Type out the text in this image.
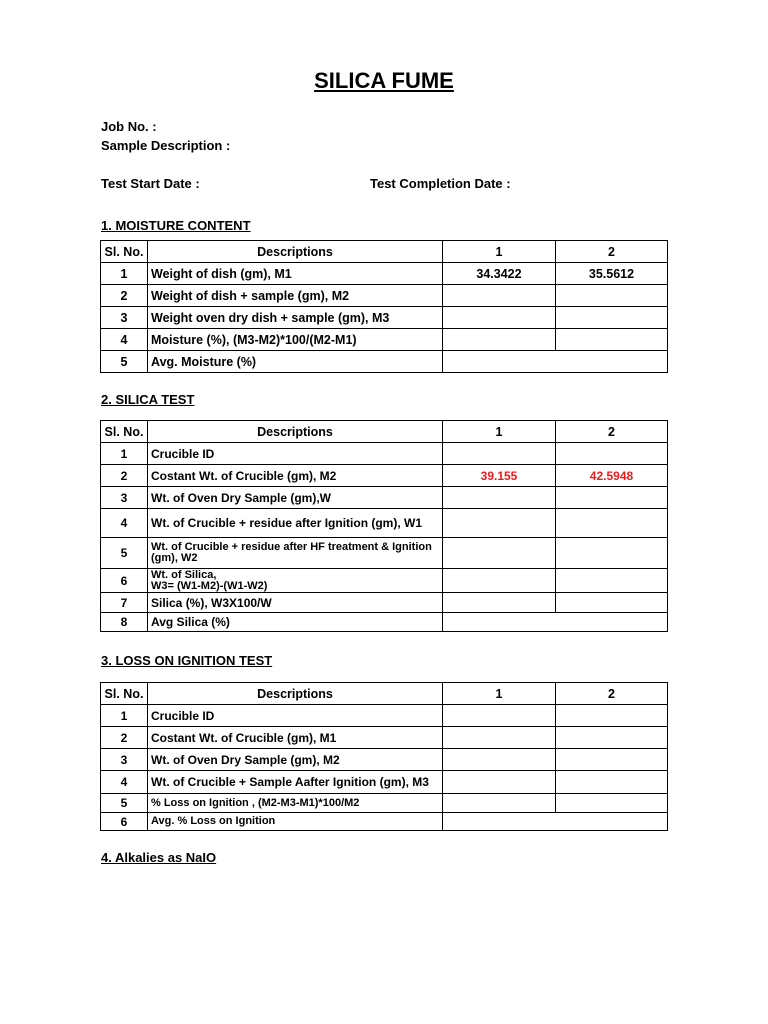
SILICA FUME
Job No. :
Sample Description :
Test Start Date :	Test Completion Date :
1. MOISTURE CONTENT
Sl. No.	Descriptions	1	2
1	Weight of dish (gm), M1	34.3422	35.5612
2	Weight of dish + sample (gm), M2		
3	Weight oven dry dish + sample (gm), M3		
4	Moisture (%), (M3-M2)*100/(M2-M1)		
5	Avg. Moisture (%)		
2. SILICA TEST
Sl. No.	Descriptions	1	2
1	Crucible ID		
2	Costant Wt. of Crucible (gm), M2	39.155	42.5948
3	Wt. of Oven Dry Sample (gm),W		
4	Wt. of Crucible + residue after Ignition (gm), W1		
5	Wt. of Crucible + residue after HF treatment & Ignition (gm), W2		
6	Wt. of Silica,
W3= (W1-M2)-(W1-W2)		

7	Silica (%), W3X100/W		
8	Avg Silica (%)		
3. LOSS ON IGNITION TEST
Sl. No.	Descriptions	1	2
1	Crucible ID		
2	Costant Wt. of Crucible (gm), M1		
3	Wt. of Oven Dry Sample (gm), M2		
4	Wt. of Crucible + Sample Aafter Ignition (gm), M3		
5	% Loss on Ignition , (M2-M3-M1)*100/M2		
6	Avg. % Loss on Ignition		
4. Alkalies as NaIO
